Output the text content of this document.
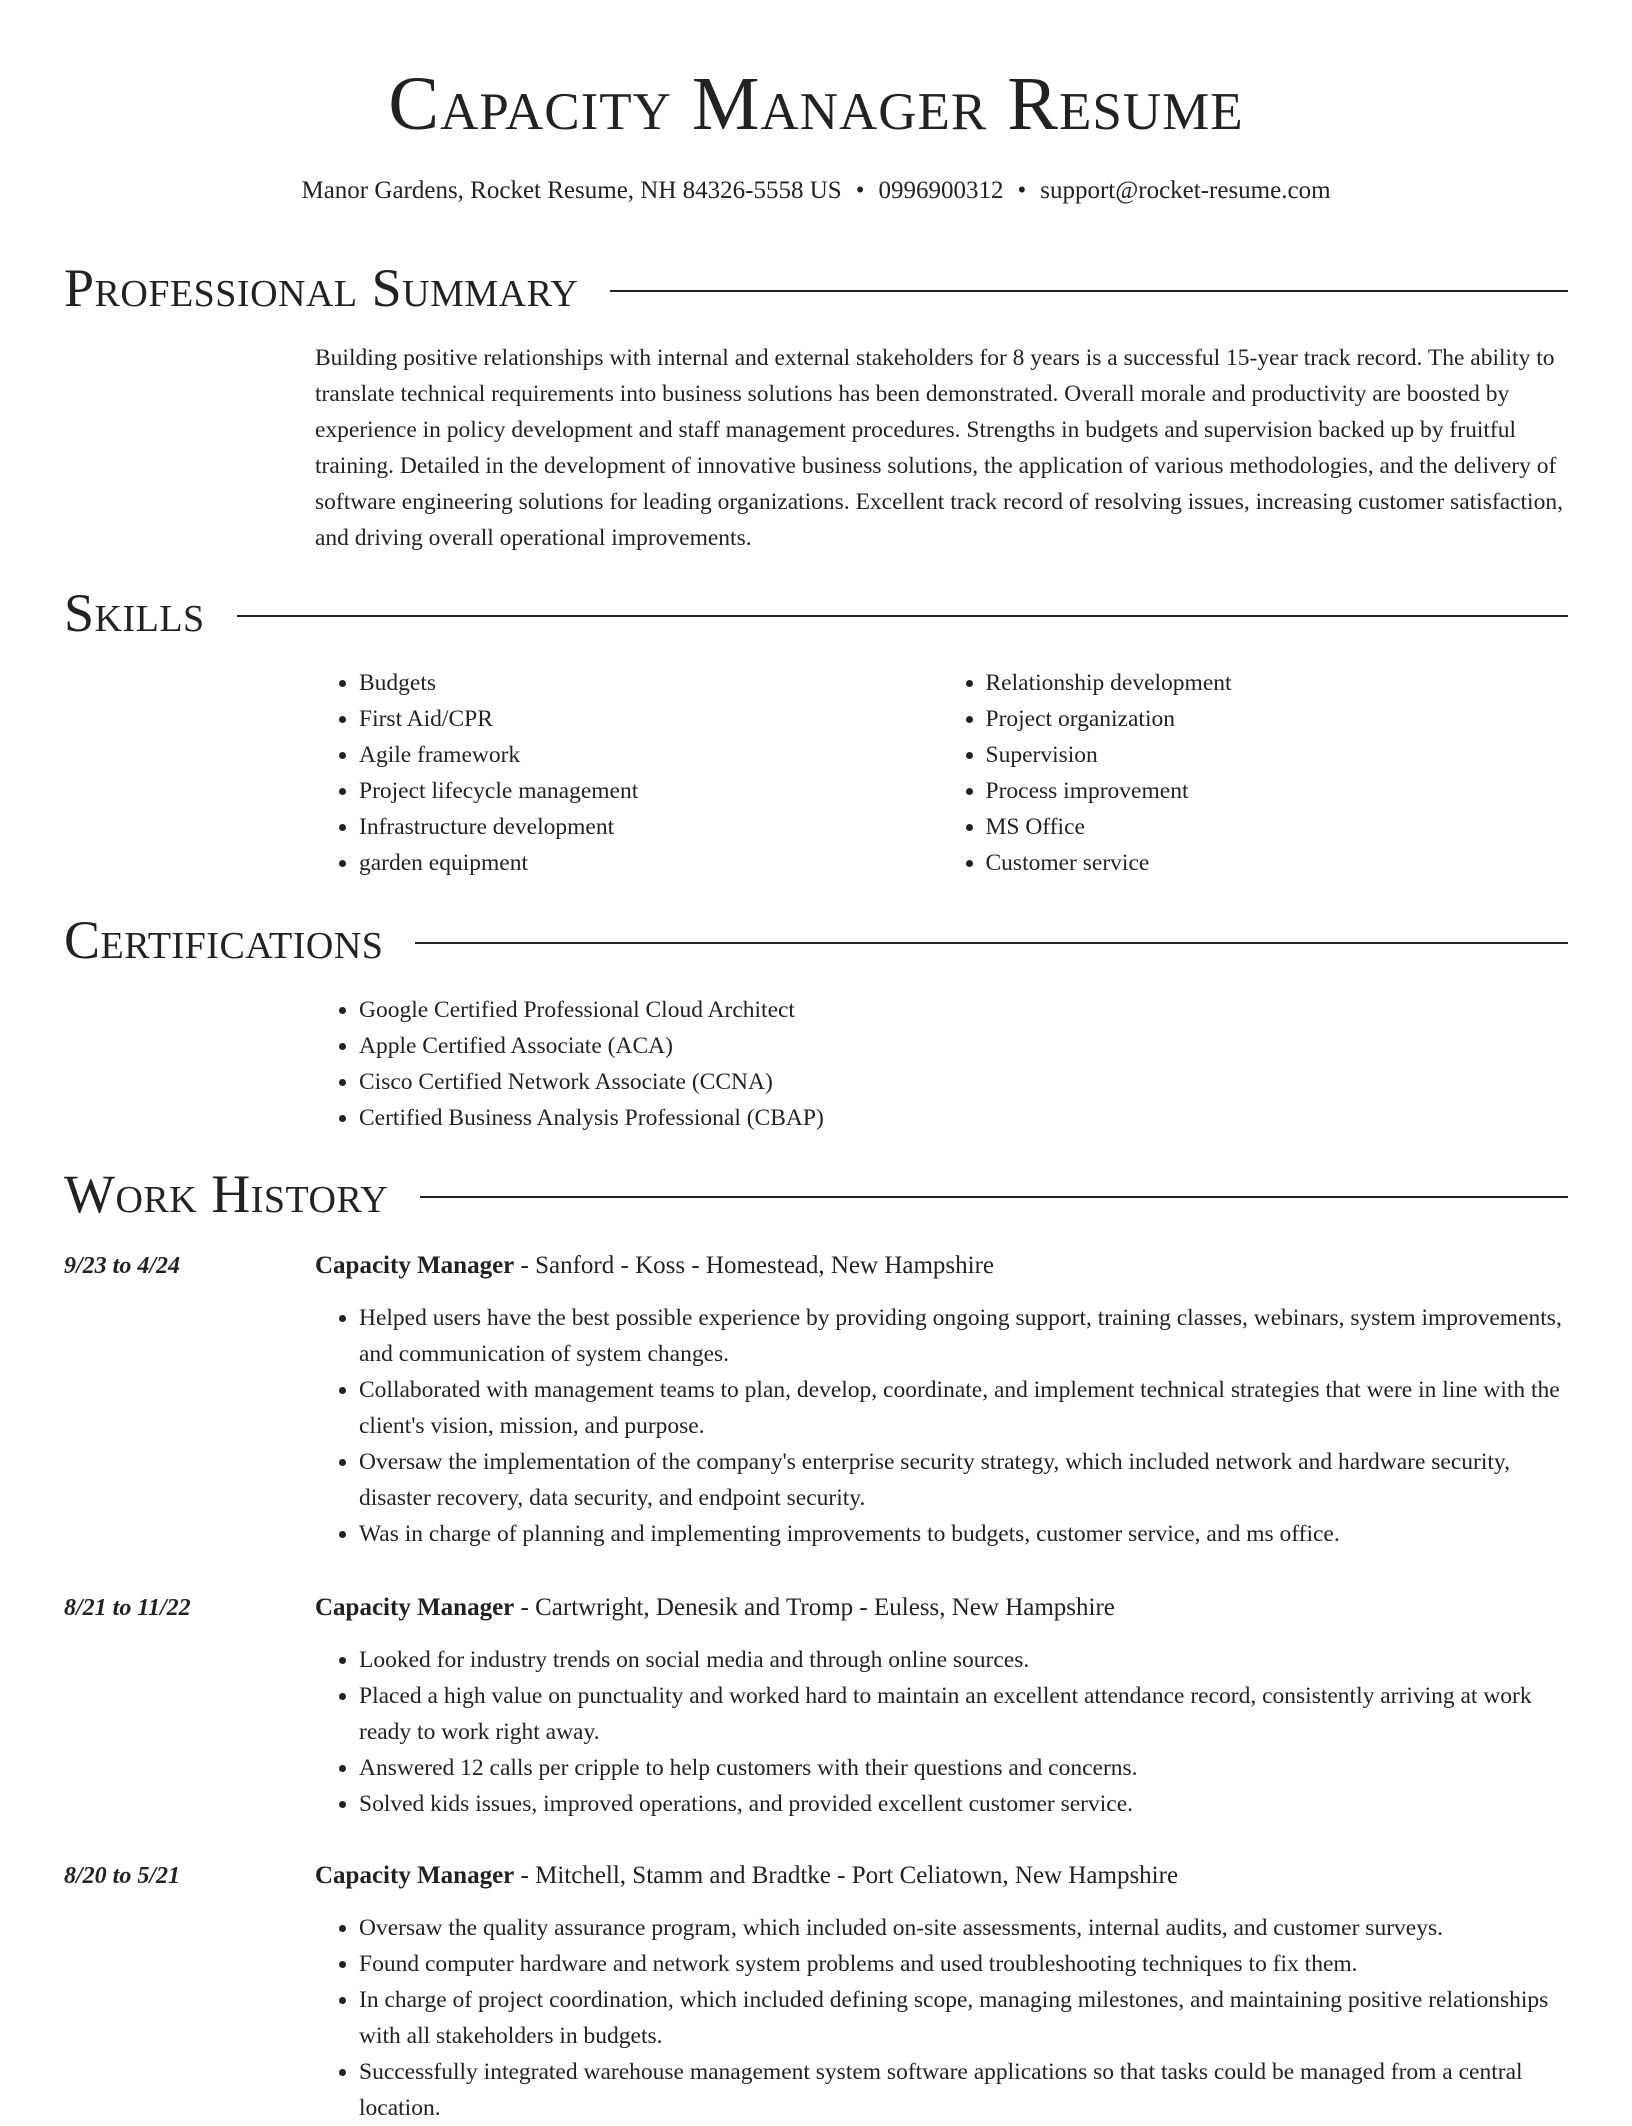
Capacity Manager Resume
Manor Gardens, Rocket Resume, NH 84326-5558 US • 0996900312 • support@rocket-resume.com
Professional Summary

Building positive relationships with internal and external stakeholders for 8 years is a successful 15-year track record. The ability to translate technical requirements into business solutions has been demonstrated. Overall morale and productivity are boosted by experience in policy development and staff management procedures. Strengths in budgets and supervision backed up by fruitful training. Detailed in the development of innovative business solutions, the application of various methodologies, and the delivery of software engineering solutions for leading organizations. Excellent track record of resolving issues, increasing customer satisfaction, and driving overall operational improvements.

Skills
• Budgets
• First Aid/CPR
• Agile framework
• Project lifecycle management
• Infrastructure development
• garden equipment
• Relationship development
• Project organization
• Supervision
• Process improvement
• MS Office
• Customer service
Certifications
• Google Certified Professional Cloud Architect
• Apple Certified Associate (ACA)
• Cisco Certified Network Associate (CCNA)
• Certified Business Analysis Professional (CBAP)
Work History
9/23 to 4/24	Capacity Manager - Sanford - Koss - Homestead, New Hampshire
• Helped users have the best possible experience by providing ongoing support, training classes, webinars, system improvements, and communication of system changes.
• Collaborated with management teams to plan, develop, coordinate, and implement technical strategies that were in line with the client's vision, mission, and purpose.
• Oversaw the implementation of the company's enterprise security strategy, which included network and hardware security, disaster recovery, data security, and endpoint security.
• Was in charge of planning and implementing improvements to budgets, customer service, and ms office.
8/21 to 11/22	Capacity Manager - Cartwright, Denesik and Tromp - Euless, New Hampshire
• Looked for industry trends on social media and through online sources.
• Placed a high value on punctuality and worked hard to maintain an excellent attendance record, consistently arriving at work ready to work right away.
• Answered 12 calls per cripple to help customers with their questions and concerns.
• Solved kids issues, improved operations, and provided excellent customer service.
8/20 to 5/21	Capacity Manager - Mitchell, Stamm and Bradtke - Port Celiatown, New Hampshire
• Oversaw the quality assurance program, which included on-site assessments, internal audits, and customer surveys.
• Found computer hardware and network system problems and used troubleshooting techniques to fix them.
• In charge of project coordination, which included defining scope, managing milestones, and maintaining positive relationships with all stakeholders in budgets.
• Successfully integrated warehouse management system software applications so that tasks could be managed from a central location.
